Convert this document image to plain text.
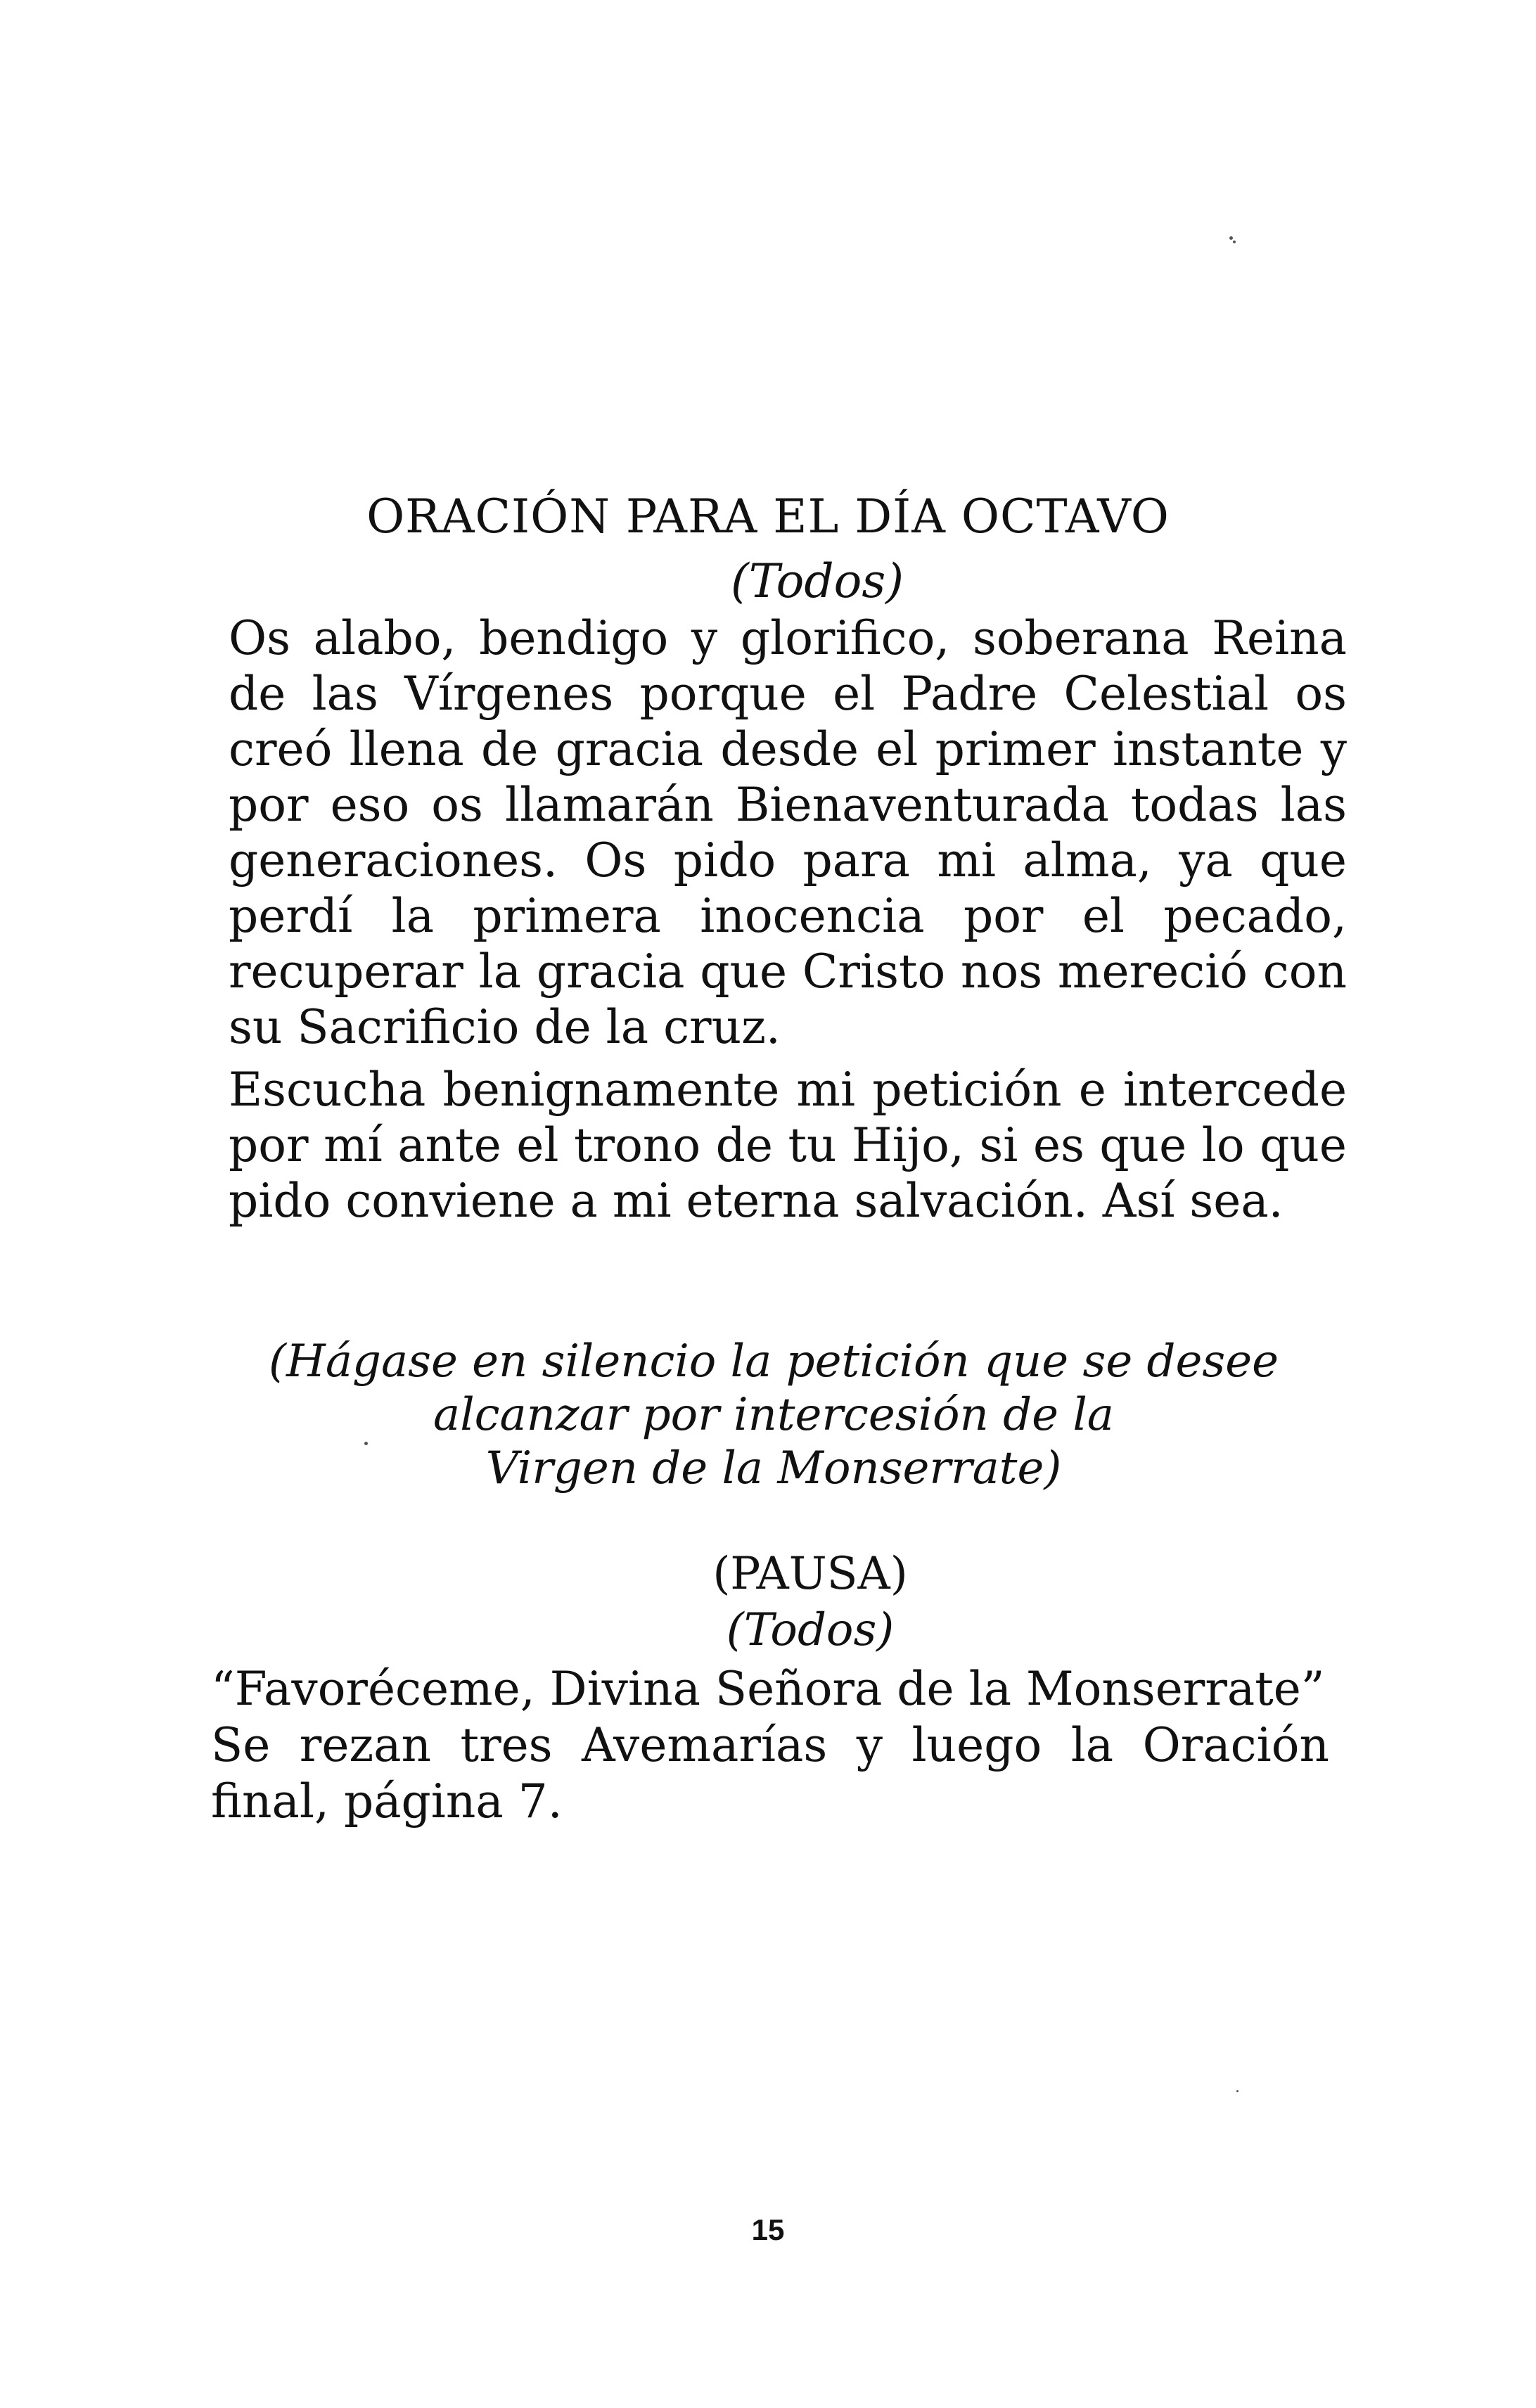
ORACIÓN PARA EL DÍA OCTAVO
(Todos)
Os alabo, bendigo y glorifico, soberana Reina de las Vírgenes porque el Padre Celestial os creó llena de gracia desde el primer instante y por eso os llamarán Bienaventurada todas las generaciones. Os pido para mi alma, ya que perdí la primera inocencia por el pecado, recuperar la gracia que Cristo nos mereció con su Sacrificio de la cruz.
Escucha benignamente mi petición e intercede por mí ante el trono de tu Hijo, si es que lo que pido conviene a mi eterna salvación. Así sea.
(Hágase en silencio la petición que se desee
alcanzar por intercesión de la
Virgen de la Monserrate)
(PAUSA)
(Todos)
“Favoréceme, Divina Señora de la Monserrate”
Se rezan tres Avemarías y luego la Oración final, página 7.
15
